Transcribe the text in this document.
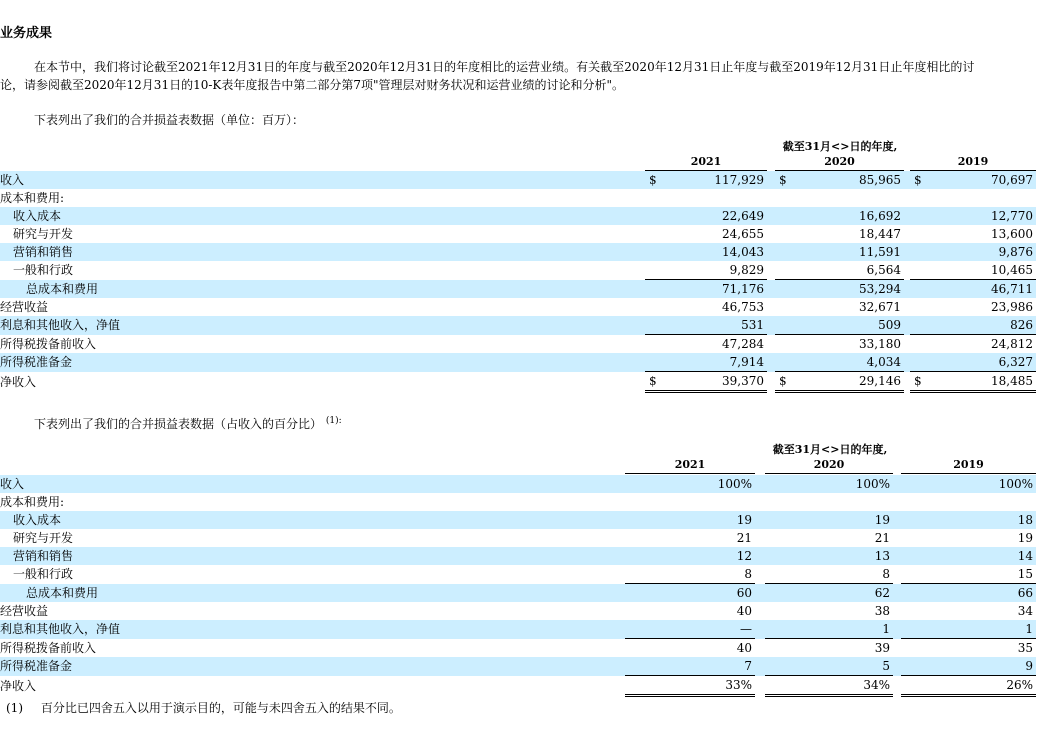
业务成果
在本节中，我们将讨论截至2021年12月31日的年度与截至2020年12月31日的年度相比的运营业绩。有关截至2020年12月31日止年度与截至2019年12月31日止年度相比的讨
论，请参阅截至2020年12月31日的10-K表年度报告中第二部分第7项"管理层对财务状况和运营业绩的讨论和分析"。
下表列出了我们的合并损益表数据（单位：百万）：
截至31月<>日的年度,
2021	2020	2019
收入	$	117,929		$	85,965		$	70,697
成本和费用:								
收入成本		22,649			16,692			12,770
研究与开发		24,655			18,447			13,600
营销和销售		14,043			11,591			9,876
一般和行政		9,829			6,564			10,465
总成本和费用		71,176			53,294			46,711
经营收益		46,753			32,671			23,986
利息和其他收入，净值		531			509			826
所得税拨备前收入		47,284			33,180			24,812
所得税准备金		7,914			4,034			6,327
净收入	$	39,370		$	29,146		$	18,485
下表列出了我们的合并损益表数据（占收入的百分比） $^{(1):}$
截至31月<>日的年度,
2021	2020	2019
收入	100%		100%		100%
成本和费用:					
收入成本	19		19		18
研究与开发	21		21		19
营销和销售	12		13		14
一般和行政	8		8		15
总成本和费用	60		62		66
经营收益	40		38		34
利息和其他收入，净值	—		1		1
所得税拨备前收入	40		39		35
所得税准备金	7		5		9
净收入	33%		34%		26%
(1) 百分比已四舍五入以用于演示目的，可能与未四舍五入的结果不同。
